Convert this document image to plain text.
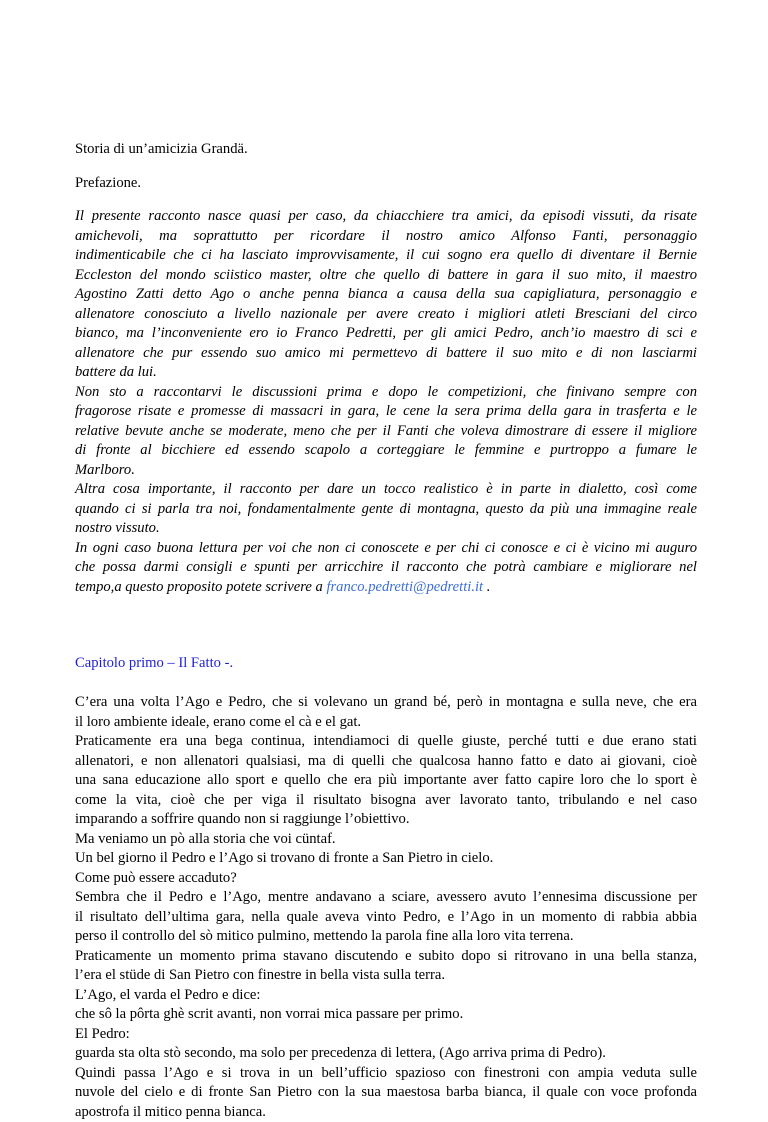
Storia di un’amicizia Grandä.
Prefazione.
Il presente racconto nasce quasi per caso, da chiacchiere tra amici, da episodi vissuti, da risate
amichevoli, ma soprattutto per ricordare il nostro amico Alfonso Fanti, personaggio
indimenticabile che ci ha lasciato improvvisamente, il cui sogno era quello di diventare il Bernie
Eccleston del mondo sciistico master, oltre che quello di battere in gara il suo mito, il maestro
Agostino Zatti detto Ago o anche penna bianca a causa della sua capigliatura, personaggio e
allenatore conosciuto a livello nazionale per avere creato i migliori atleti Bresciani del circo
bianco, ma l’inconveniente ero io Franco Pedretti, per gli amici Pedro, anch’io maestro di sci e
allenatore che pur essendo suo amico mi permettevo di battere il suo mito e di non lasciarmi
battere da lui.
Non sto a raccontarvi le discussioni prima e dopo le competizioni, che finivano sempre con
fragorose risate e promesse di massacri in gara, le cene la sera prima della gara in trasferta e le
relative bevute anche se moderate, meno che per il Fanti che voleva dimostrare di essere il migliore
di fronte al bicchiere ed essendo scapolo a corteggiare le femmine e purtroppo a fumare le
Marlboro.
Altra cosa importante, il racconto per dare un tocco realistico è in parte in dialetto, così come
quando ci si parla tra noi, fondamentalmente gente di montagna, questo da più una immagine reale
nostro vissuto.
In ogni caso buona lettura per voi che non ci conoscete e per chi ci conosce e ci è vicino mi auguro
che possa darmi consigli e spunti per arricchire il racconto che potrà cambiare e migliorare nel
tempo,a questo proposito potete scrivere a franco.pedretti@pedretti.it .
Capitolo primo – Il Fatto -.
C’era una volta l’Ago e Pedro, che si volevano un grand bé, però in montagna e sulla neve, che era
il loro ambiente ideale, erano come el cà e el gat.
Praticamente era una bega continua, intendiamoci di quelle giuste, perché tutti e due erano stati
allenatori, e non allenatori qualsiasi, ma di quelli che qualcosa hanno fatto e dato ai giovani, cioè
una sana educazione allo sport e quello che era più importante aver fatto capire loro che lo sport è
come la vita, cioè che per viga il risultato bisogna aver lavorato tanto, tribulando e nel caso
imparando a soffrire quando non si raggiunge l’obiettivo.
Ma veniamo un pò alla storia che voi cüntaf.
Un bel giorno il Pedro e l’Ago si trovano di fronte a San Pietro in cielo.
Come può essere accaduto?
Sembra che il Pedro e l’Ago, mentre andavano a sciare, avessero avuto l’ennesima discussione per
il risultato dell’ultima gara, nella quale aveva vinto Pedro, e l’Ago in un momento di rabbia abbia
perso il controllo del sò mitico pulmino, mettendo la parola fine alla loro vita terrena.
Praticamente un momento prima stavano discutendo e subito dopo si ritrovano in una bella stanza,
l’era el stüde di San Pietro con finestre in bella vista sulla terra.
L’Ago, el varda el Pedro e dice:
che sô la pôrta ghè scrit avanti, non vorrai mica passare per primo.
El Pedro:
guarda sta olta stò secondo, ma solo per precedenza di lettera, (Ago arriva prima di Pedro).
Quindi passa l’Ago e si trova in un bell’ufficio spazioso con finestroni con ampia veduta sulle
nuvole del cielo e di fronte San Pietro con la sua maestosa barba bianca, il quale con voce profonda
apostrofa il mitico penna bianca.
